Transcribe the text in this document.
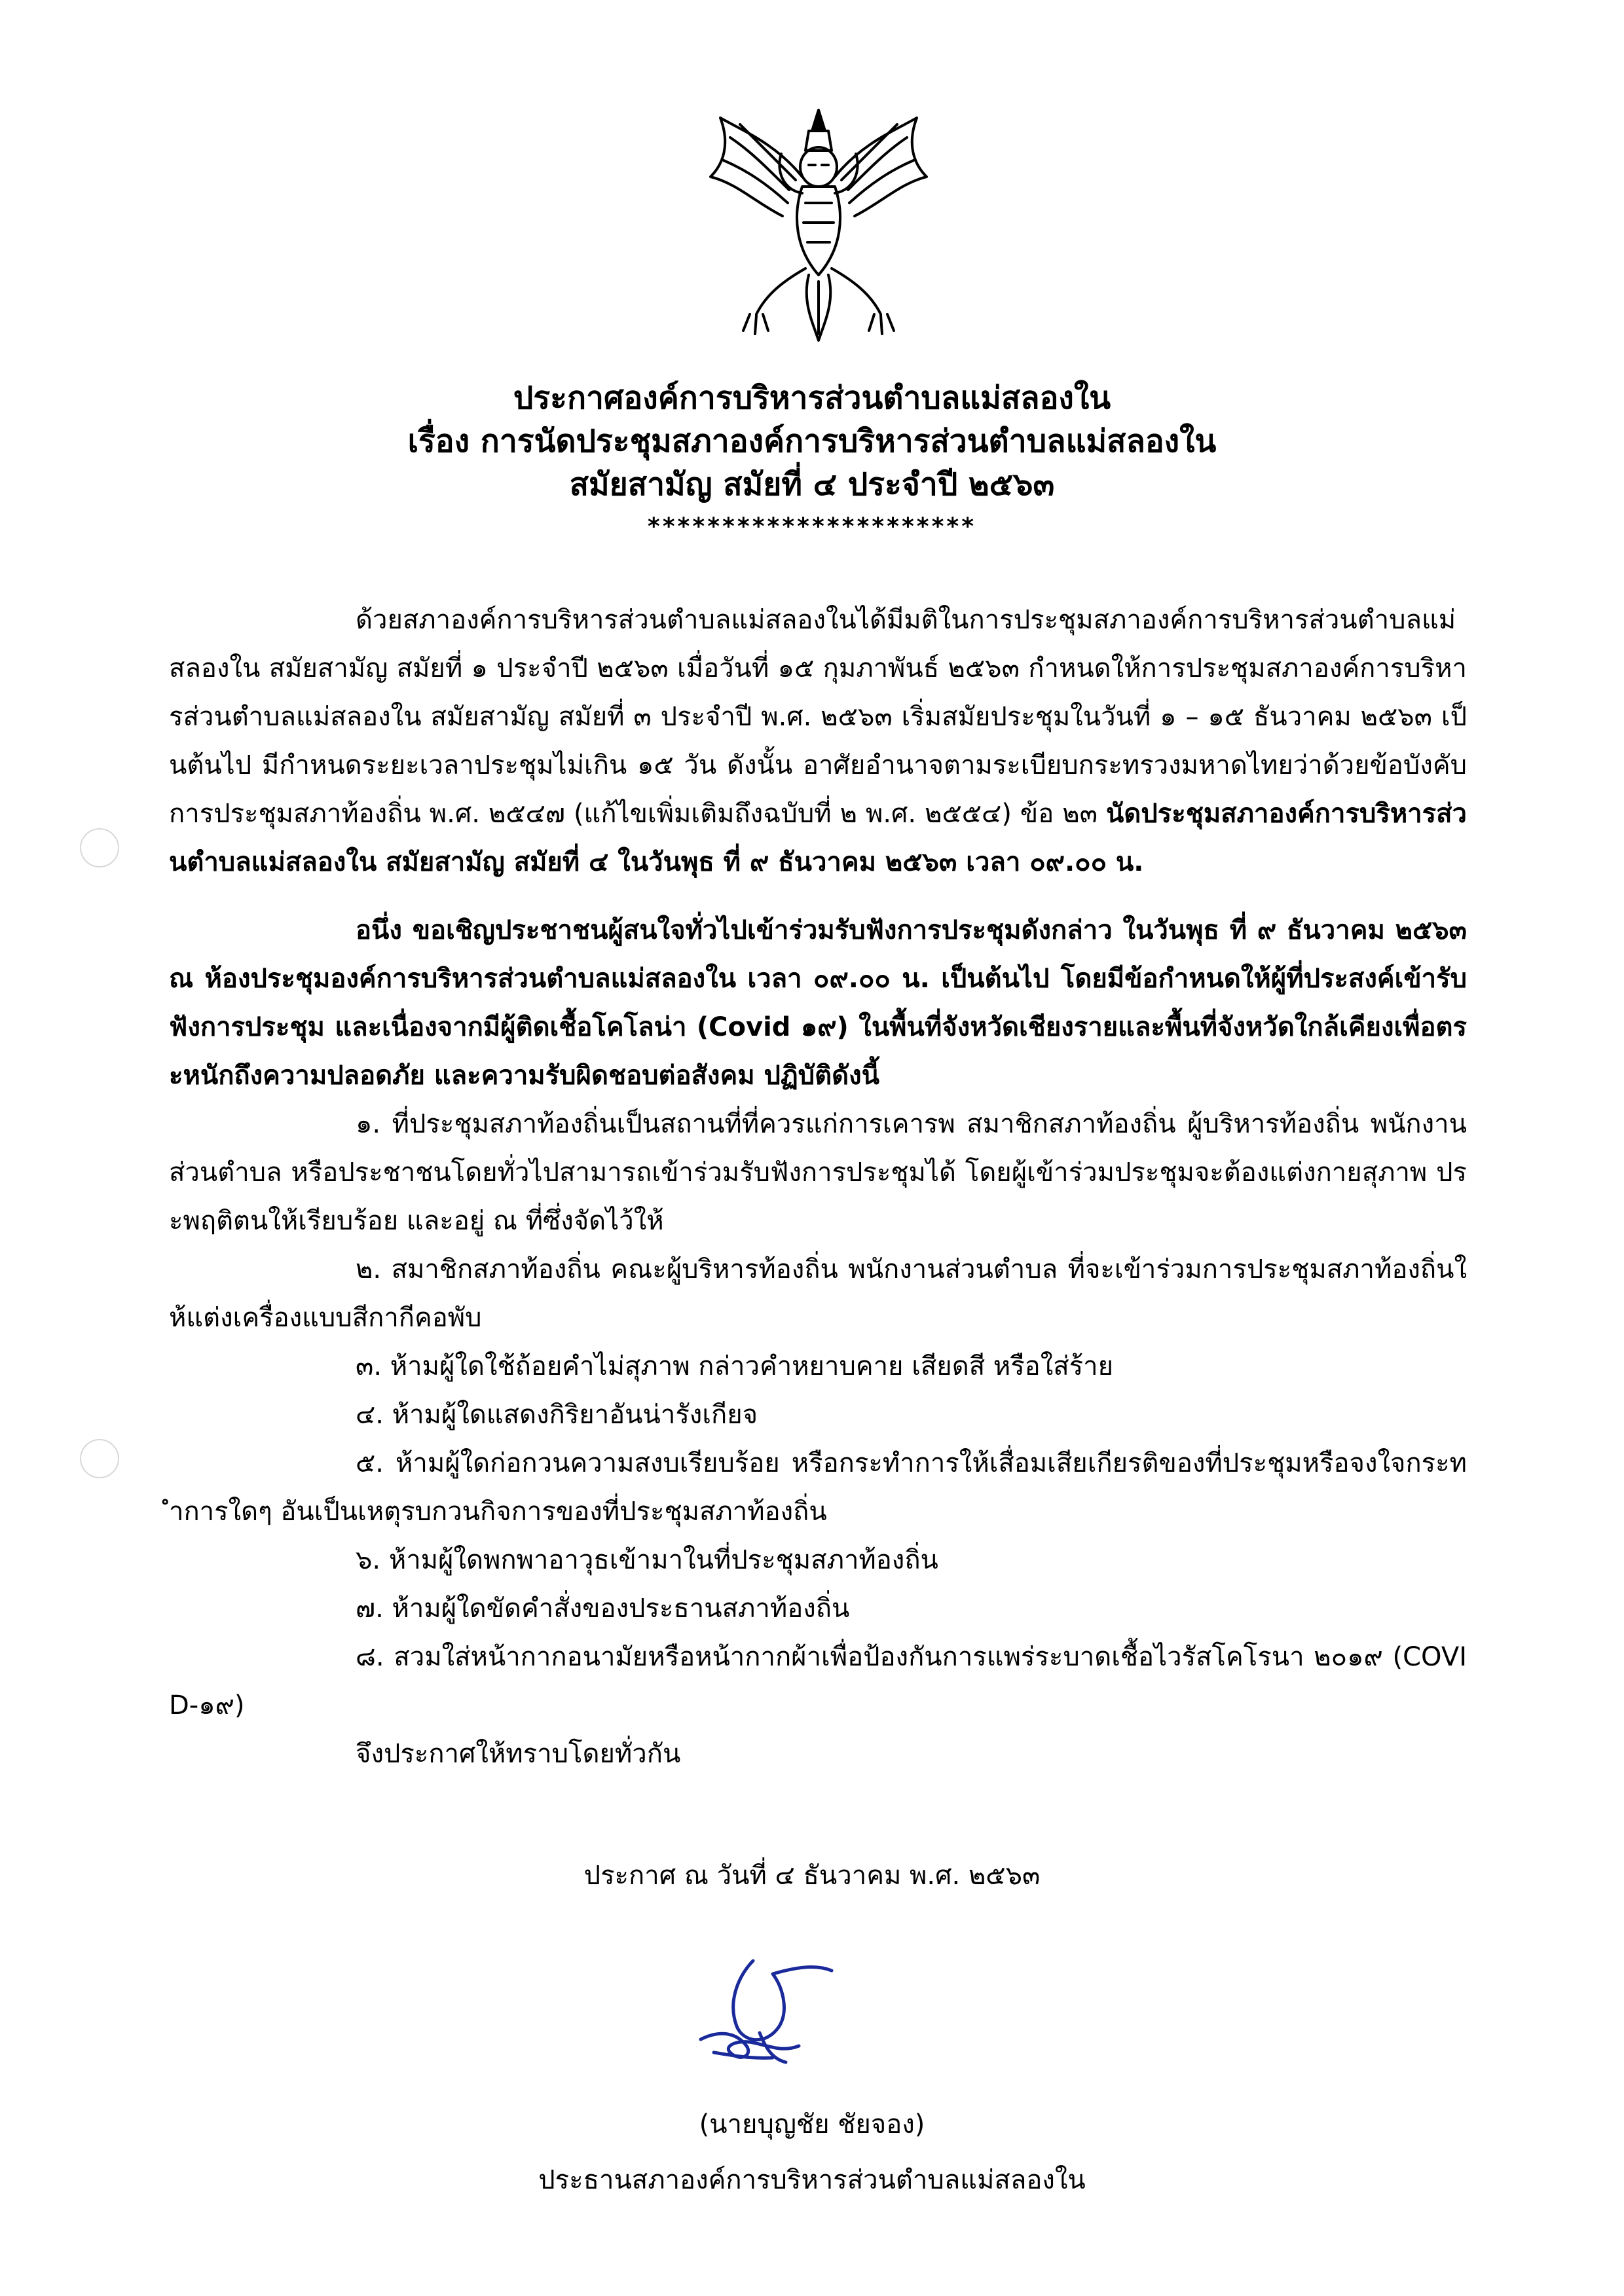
ประกาศองค์การบริหารส่วนตำบลแม่สลองใน
เรื่อง การนัดประชุมสภาองค์การบริหารส่วนตำบลแม่สลองใน
สมัยสามัญ สมัยที่ ๔ ประจำปี ๒๕๖๓
**********************

ด้วยสภาองค์การบริหารส่วนตำบลแม่สลองในได้มีมติในการประชุมสภาองค์การบริหารส่วนตำบลแม่สลองใน สมัยสามัญ สมัยที่ ๑ ประจำปี ๒๕๖๓ เมื่อวันที่ ๑๕ กุมภาพันธ์ ๒๕๖๓ กำหนดให้การประชุมสภาองค์การบริหารส่วนตำบลแม่สลองใน สมัยสามัญ สมัยที่ ๓ ประจำปี พ.ศ. ๒๕๖๓ เริ่มสมัยประชุมในวันที่ ๑ – ๑๕ ธันวาคม ๒๕๖๓ เป็นต้นไป มีกำหนดระยะเวลาประชุมไม่เกิน ๑๕ วัน ดังนั้น อาศัยอำนาจตามระเบียบกระทรวงมหาดไทยว่าด้วยข้อบังคับการประชุมสภาท้องถิ่น พ.ศ. ๒๕๔๗ (แก้ไขเพิ่มเติมถึงฉบับที่ ๒ พ.ศ. ๒๕๕๔) ข้อ ๒๓ นัดประชุมสภาองค์การบริหารส่วนตำบลแม่สลองใน สมัยสามัญ สมัยที่ ๔ ในวันพุธ ที่ ๙ ธันวาคม ๒๕๖๓ เวลา ๐๙.๐๐ น.

อนึ่ง ขอเชิญประชาชนผู้สนใจทั่วไปเข้าร่วมรับฟังการประชุมดังกล่าว ในวันพุธ ที่ ๙ ธันวาคม ๒๕๖๓ ณ ห้องประชุมองค์การบริหารส่วนตำบลแม่สลองใน เวลา ๐๙.๐๐ น. เป็นต้นไป โดยมีข้อกำหนดให้ผู้ที่ประสงค์เข้ารับฟังการประชุม และเนื่องจากมีผู้ติดเชื้อโคโลน่า (Covid ๑๙) ในพื้นที่จังหวัดเชียงรายและพื้นที่จังหวัดใกล้เคียงเพื่อตระหนักถึงความปลอดภัย และความรับผิดชอบต่อสังคม ปฏิบัติดังนี้

๑. ที่ประชุมสภาท้องถิ่นเป็นสถานที่ที่ควรแก่การเคารพ สมาชิกสภาท้องถิ่น ผู้บริหารท้องถิ่น พนักงานส่วนตำบล หรือประชาชนโดยทั่วไปสามารถเข้าร่วมรับฟังการประชุมได้ โดยผู้เข้าร่วมประชุมจะต้องแต่งกายสุภาพ ประพฤติตนให้เรียบร้อย และอยู่ ณ ที่ซึ่งจัดไว้ให้

๒. สมาชิกสภาท้องถิ่น คณะผู้บริหารท้องถิ่น พนักงานส่วนตำบล ที่จะเข้าร่วมการประชุมสภาท้องถิ่นให้แต่งเครื่องแบบสีกากีคอพับ

๓. ห้ามผู้ใดใช้ถ้อยคำไม่สุภาพ กล่าวคำหยาบคาย เสียดสี หรือใส่ร้าย

๔. ห้ามผู้ใดแสดงกิริยาอันน่ารังเกียจ

๕. ห้ามผู้ใดก่อกวนความสงบเรียบร้อย หรือกระทำการให้เสื่อมเสียเกียรติของที่ประชุมหรือจงใจกระทำการใดๆ อันเป็นเหตุรบกวนกิจการของที่ประชุมสภาท้องถิ่น

๖. ห้ามผู้ใดพกพาอาวุธเข้ามาในที่ประชุมสภาท้องถิ่น

๗. ห้ามผู้ใดขัดคำสั่งของประธานสภาท้องถิ่น

๘. สวมใส่หน้ากากอนามัยหรือหน้ากากผ้าเพื่อป้องกันการแพร่ระบาดเชื้อไวรัสโคโรนา ๒๐๑๙ (COVID-๑๙)

จึงประกาศให้ทราบโดยทั่วกัน

ประกาศ ณ วันที่ ๔ ธันวาคม พ.ศ. ๒๕๖๓
(นายบุญชัย ชัยจอง)
ประธานสภาองค์การบริหารส่วนตำบลแม่สลองใน
